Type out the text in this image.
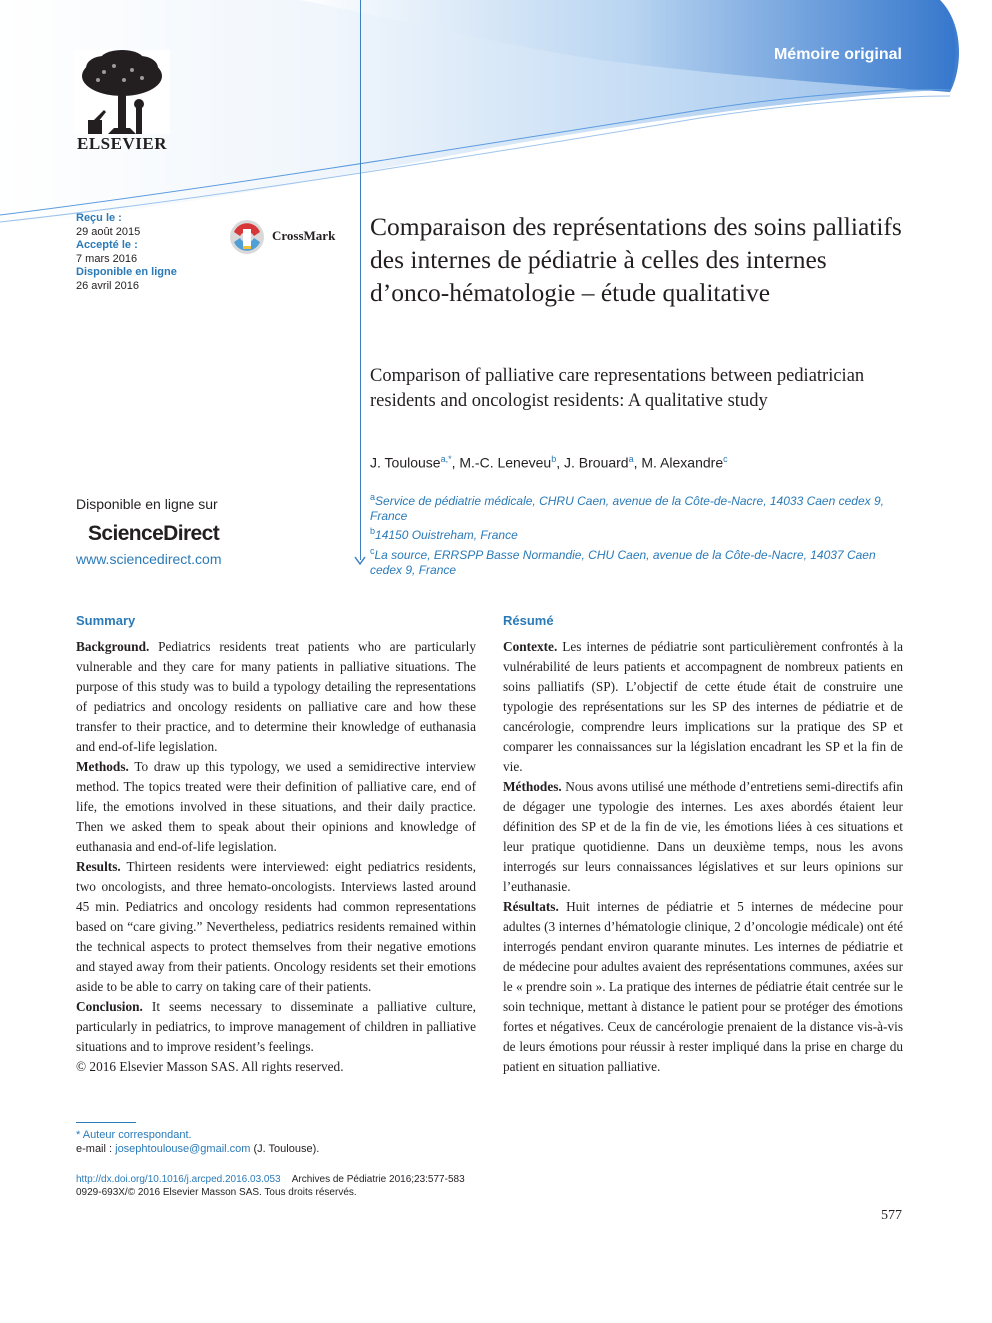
Mémoire original
ELSEVIER
Reçu le :
29 août 2015
Accepté le :
7 mars 2016
Disponible en ligne
26 avril 2016
CrossMark Comparaison des représentations des soins palliatifs des internes de pédiatrie à celles des internes d’onco-hématologie – étude qualitative
Comparison of palliative care representations between pediatrician residents and oncologist residents: A qualitative study
J. Toulouse$^{a,*}$, M.-C. Leneveu$^b$, J. Brouard$^a$, M. Alexandre$^c$
$^a$Service de pédiatrie médicale, CHRU Caen, avenue de la Côte-de-Nacre, 14033 Caen cedex 9, France
$^b$14150 Ouistreham, France
$^c$La source, ERRSPP Basse Normandie, CHU Caen, avenue de la Côte-de-Nacre, 14037 Caen cedex 9, France
Disponible en ligne sur
ScienceDirect
www.sciencedirect.com
Summary

Background. Pediatrics residents treat patients who are particularly vulnerable and they care for many patients in palliative situations. The purpose of this study was to build a typology detailing the representations of pediatrics and oncology residents on palliative care and how these transfer to their practice, and to determine their knowledge of euthanasia and end-of-life legislation.

Methods. To draw up this typology, we used a semidirective interview method. The topics treated were their definition of palliative care, end of life, the emotions involved in these situations, and their daily practice. Then we asked them to speak about their opinions and knowledge of euthanasia and end-of-life legislation.

Results. Thirteen residents were interviewed: eight pediatrics residents, two oncologists, and three hemato-oncologists. Interviews lasted around 45 min. Pediatrics and oncology residents had common representations based on “care giving.” Nevertheless, pediatrics residents remained within the technical aspects to protect themselves from their negative emotions and stayed away from their patients. Oncology residents set their emotions aside to be able to carry on taking care of their patients.

Conclusion. It seems necessary to disseminate a palliative culture, particularly in pediatrics, to improve management of children in palliative situations and to improve resident’s feelings.

© 2016 Elsevier Masson SAS. All rights reserved.

Résumé

Contexte. Les internes de pédiatrie sont particulièrement confrontés à la vulnérabilité de leurs patients et accompagnent de nombreux patients en soins palliatifs (SP). L’objectif de cette étude était de construire une typologie des représentations sur les SP des internes de pédiatrie et de cancérologie, comprendre leurs implications sur la pratique des SP et comparer les connaissances sur la législation encadrant les SP et la fin de vie.

Méthodes. Nous avons utilisé une méthode d’entretiens semi-directifs afin de dégager une typologie des internes. Les axes abordés étaient leur définition des SP et de la fin de vie, les émotions liées à ces situations et leur pratique quotidienne. Dans un deuxième temps, nous les avons interrogés sur leurs connaissances législatives et sur leurs opinions sur l’euthanasie.

Résultats. Huit internes de pédiatrie et 5 internes de médecine pour adultes (3 internes d’hématologie clinique, 2 d’oncologie médicale) ont été interrogés pendant environ quarante minutes. Les internes de pédiatrie et de médecine pour adultes avaient des représentations communes, axées sur le « prendre soin ». La pratique des internes de pédiatrie était centrée sur le soin technique, mettant à distance le patient pour se protéger des émotions fortes et négatives. Ceux de cancérologie prenaient de la distance vis-à-vis de leurs émotions pour réussir à rester impliqué dans la prise en charge du patient en situation palliative.

* Auteur correspondant.
e-mail : josephtoulouse@gmail.com (J. Toulouse).
http://dx.doi.org/10.1016/j.arcped.2016.03.053 Archives de Pédiatrie 2016;23:577-583
0929-693X/© 2016 Elsevier Masson SAS. Tous droits réservés.
577
